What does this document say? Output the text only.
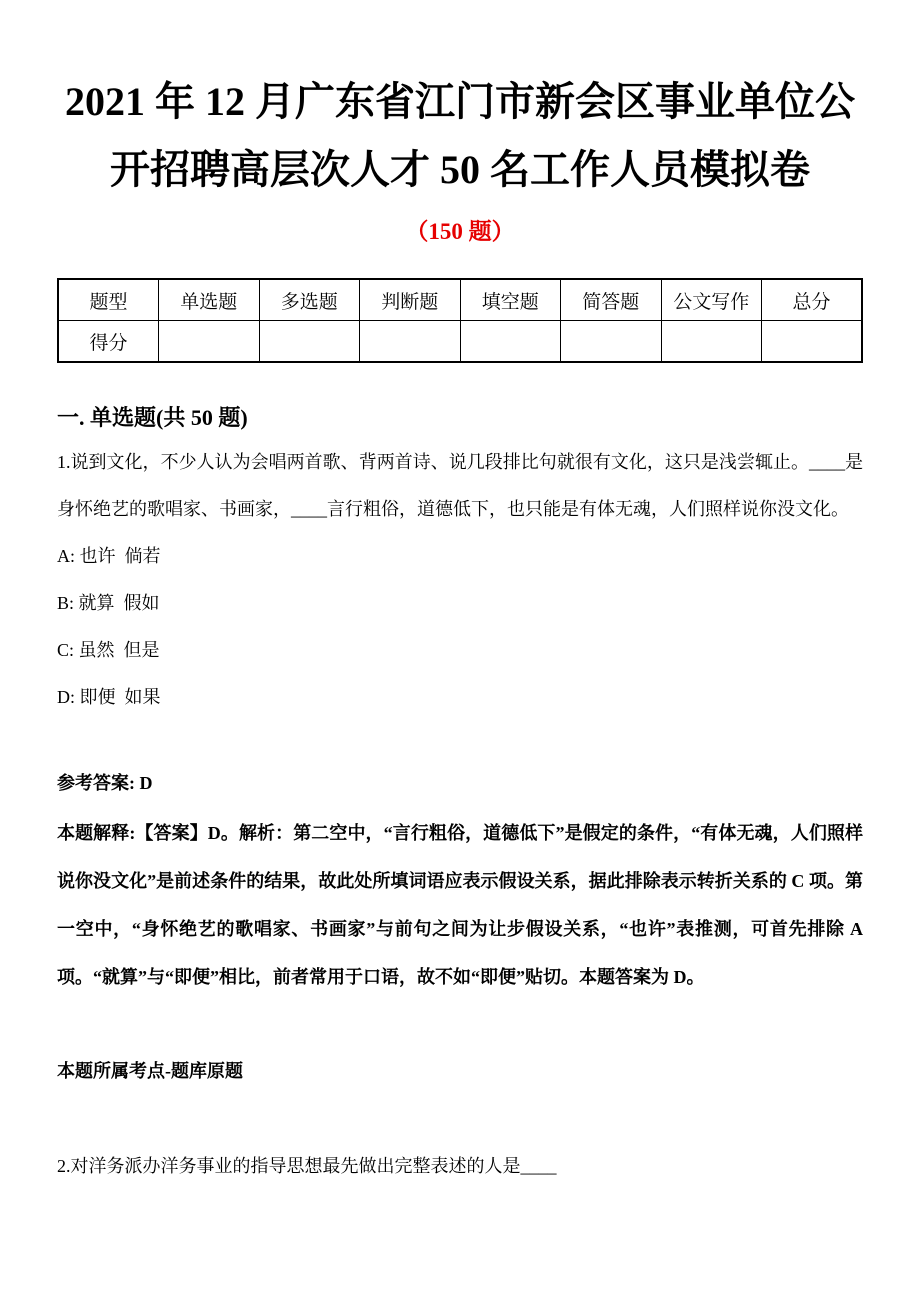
2021 年 12 月广东省江门市新会区事业单位公
开招聘高层次人才 50 名工作人员模拟卷
（150 题）
题型	单选题	多选题	判断题	填空题	简答题	公文写作	总分
得分							
一. 单选题(共 50 题)

1.说到文化，不少人认为会唱两首歌、背两首诗、说几段排比句就很有文化，这只是浅尝辄止。____是身怀绝艺的歌唱家、书画家，____言行粗俗，道德低下，也只能是有体无魂，人们照样说你没文化。

A: 也许  倘若
B: 就算  假如
C: 虽然  但是
D: 即便  如果

参考答案: D

本题解释:【答案】D。解析：第二空中，“言行粗俗，道德低下”是假定的条件，“有体无魂，人们照样说你没文化”是前述条件的结果，故此处所填词语应表示假设关系，据此排除表示转折关系的 C 项。第一空中，“身怀绝艺的歌唱家、书画家”与前句之间为让步假设关系，“也许”表推测，可首先排除 A 项。“就算”与“即便”相比，前者常用于口语，故不如“即便”贴切。本题答案为 D。

本题所属考点-题库原题

2.对洋务派办洋务事业的指导思想最先做出完整表述的人是____
